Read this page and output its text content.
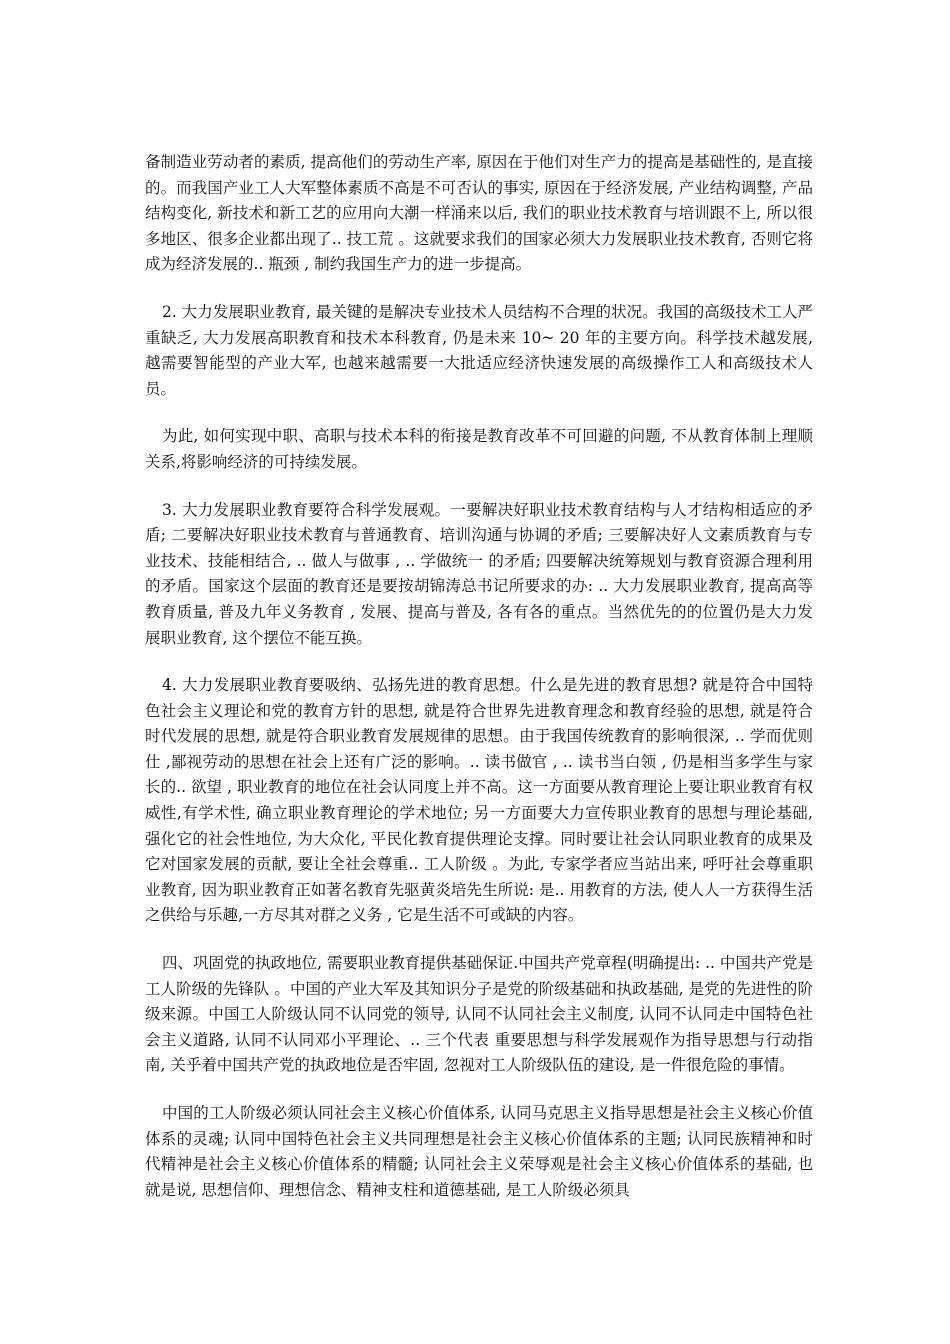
备制造业劳动者的素质, 提高他们的劳动生产率, 原因在于他们对生产力的提高是基础性的, 是直接的。而我国产业工人大军整体素质不高是不可否认的事实, 原因在于经济发展, 产业结构调整, 产品结构变化, 新技术和新工艺的应用向大潮一样涌来以后, 我们的职业技术教育与培训跟不上, 所以很多地区、很多企业都出现了.. 技工荒 。这就要求我们的国家必须大力发展职业技术教育, 否则它将成为经济发展的.. 瓶颈 , 制约我国生产力的进一步提高。

2. 大力发展职业教育, 最关键的是解决专业技术人员结构不合理的状况。我国的高级技术工人严重缺乏, 大力发展高职教育和技术本科教育, 仍是未来 10~ 20 年的主要方向。科学技术越发展, 越需要智能型的产业大军, 也越来越需要一大批适应经济快速发展的高级操作工人和高级技术人员。

为此, 如何实现中职、高职与技术本科的衔接是教育改革不可回避的问题, 不从教育体制上理顺关系,将影响经济的可持续发展。

3. 大力发展职业教育要符合科学发展观。一要解决好职业技术教育结构与人才结构相适应的矛盾; 二要解决好职业技术教育与普通教育、培训沟通与协调的矛盾; 三要解决好人文素质教育与专业技术、技能相结合, .. 做人与做事 , .. 学做统一 的矛盾; 四要解决统筹规划与教育资源合理利用的矛盾。国家这个层面的教育还是要按胡锦涛总书记所要求的办: .. 大力发展职业教育, 提高高等教育质量, 普及九年义务教育 , 发展、提高与普及, 各有各的重点。当然优先的的位置仍是大力发展职业教育, 这个摆位不能互换。

4. 大力发展职业教育要吸纳、弘扬先进的教育思想。什么是先进的教育思想? 就是符合中国特色社会主义理论和党的教育方针的思想, 就是符合世界先进教育理念和教育经验的思想, 就是符合时代发展的思想, 就是符合职业教育发展规律的思想。由于我国传统教育的影响很深, .. 学而优则仕 ,鄙视劳动的思想在社会上还有广泛的影响。.. 读书做官 , .. 读书当白领 , 仍是相当多学生与家长的.. 欲望 , 职业教育的地位在社会认同度上并不高。这一方面要从教育理论上要让职业教育有权威性,有学术性, 确立职业教育理论的学术地位; 另一方面要大力宣传职业教育的思想与理论基础, 强化它的社会性地位, 为大众化, 平民化教育提供理论支撑。同时要让社会认同职业教育的成果及它对国家发展的贡献, 要让全社会尊重.. 工人阶级 。为此, 专家学者应当站出来, 呼吁社会尊重职业教育, 因为职业教育正如著名教育先驱黄炎培先生所说: 是.. 用教育的方法, 使人人一方获得生活之供给与乐趣,一方尽其对群之义务 , 它是生活不可或缺的内容。

四、巩固党的执政地位, 需要职业教育提供基础保证.中国共产党章程(明确提出: .. 中国共产党是工人阶级的先锋队 。中国的产业大军及其知识分子是党的阶级基础和执政基础, 是党的先进性的阶级来源。中国工人阶级认同不认同党的领导, 认同不认同社会主义制度, 认同不认同走中国特色社会主义道路, 认同不认同邓小平理论、.. 三个代表 重要思想与科学发展观作为指导思想与行动指南, 关乎着中国共产党的执政地位是否牢固, 忽视对工人阶级队伍的建设, 是一件很危险的事情。

中国的工人阶级必须认同社会主义核心价值体系, 认同马克思主义指导思想是社会主义核心价值体系的灵魂; 认同中国特色社会主义共同理想是社会主义核心价值体系的主题; 认同民族精神和时代精神是社会主义核心价值体系的精髓; 认同社会主义荣辱观是社会主义核心价值体系的基础, 也就是说, 思想信仰、理想信念、精神支柱和道德基础, 是工人阶级必须具
